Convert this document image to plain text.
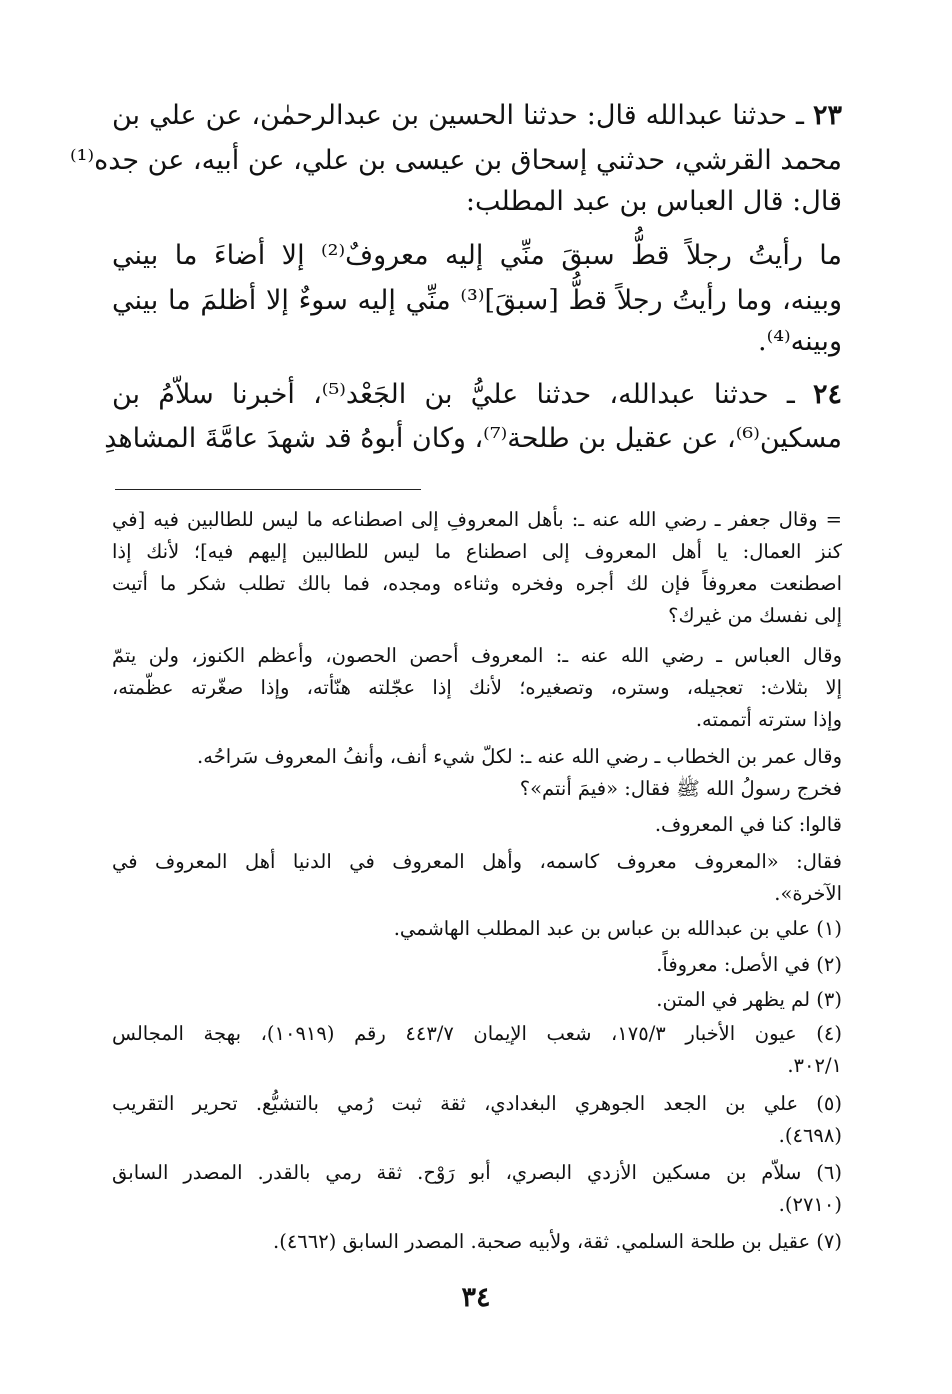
٢٣ ـ حدثنا عبدالله قال: حدثنا الحسين بن عبدالرحمٰن، عن علي بن
محمد القرشي، حدثني إسحاق بن عيسى بن علي، عن أبيه، عن جده⁽¹⁾
قال: قال العباس بن عبد المطلب:
ما رأيتُ رجلاً قطُّ سبقَ منِّي إليه معروفٌ⁽²⁾ إلا أضاءَ ما بيني
وبينه، وما رأيتُ رجلاً قطُّ [سبقَ]⁽³⁾ منِّي إليه سوءٌ إلا أظلمَ ما بيني
وبينه⁽⁴⁾.
٢٤ ـ حدثنا عبدالله، حدثنا عليُّ بن الجَعْد⁽⁵⁾، أخبرنا سلاّمُ بن
مسكين⁽⁶⁾، عن عقيل بن طلحة⁽⁷⁾، وكان أبوهُ قد شهدَ عامَّةَ المشاهدِ
= وقال جعفر ـ رضي الله عنه ـ: بأهل المعروفِ إلى اصطناعه ما ليس للطالبين فيه [في
كنز العمال: يا أهل المعروف إلى اصطناع ما ليس للطالبين إليهم فيه]؛ لأنك إذا
اصطنعت معروفاً فإن لك أجره وفخره وثناءه ومجده، فما بالك تطلب شكر ما أتيت
إلى نفسك من غيرك؟
وقال العباس ـ رضي الله عنه ـ: المعروف أحصن الحصون، وأعظم الكنوز، ولن يتمّ
إلا بثلاث: تعجيله، وستره، وتصغيره؛ لأنك إذا عجّلته هنّأته، وإذا صغّرته عظّمته،
وإذا سترته أتممته.
وقال عمر بن الخطاب ـ رضي الله عنه ـ: لكلّ شيء أنف، وأنفُ المعروف سَراحُه.
فخرج رسولُ الله ﷺ فقال: «فيمَ أنتم»؟
قالوا: كنا في المعروف.
فقال: «المعروف معروف كاسمه، وأهل المعروف في الدنيا أهل المعروف في
الآخرة».
(١) علي بن عبدالله بن عباس بن عبد المطلب الهاشمي.
(٢) في الأصل: معروفاً.
(٣) لم يظهر في المتن.
(٤) عيون الأخبار ١٧٥/٣، شعب الإيمان ٤٤٣/٧ رقم (١٠٩١٩)، بهجة المجالس
٣٠٢/١.
(٥) علي بن الجعد الجوهري البغدادي، ثقة ثبت رُمي بالتشيُّع. تحرير التقريب
(٤٦٩٨).
(٦) سلاّم بن مسكين الأزدي البصري، أبو رَوْح. ثقة رمي بالقدر. المصدر السابق
(٢٧١٠).
(٧) عقيل بن طلحة السلمي. ثقة، ولأبيه صحبة. المصدر السابق (٤٦٦٢).
٣٤
